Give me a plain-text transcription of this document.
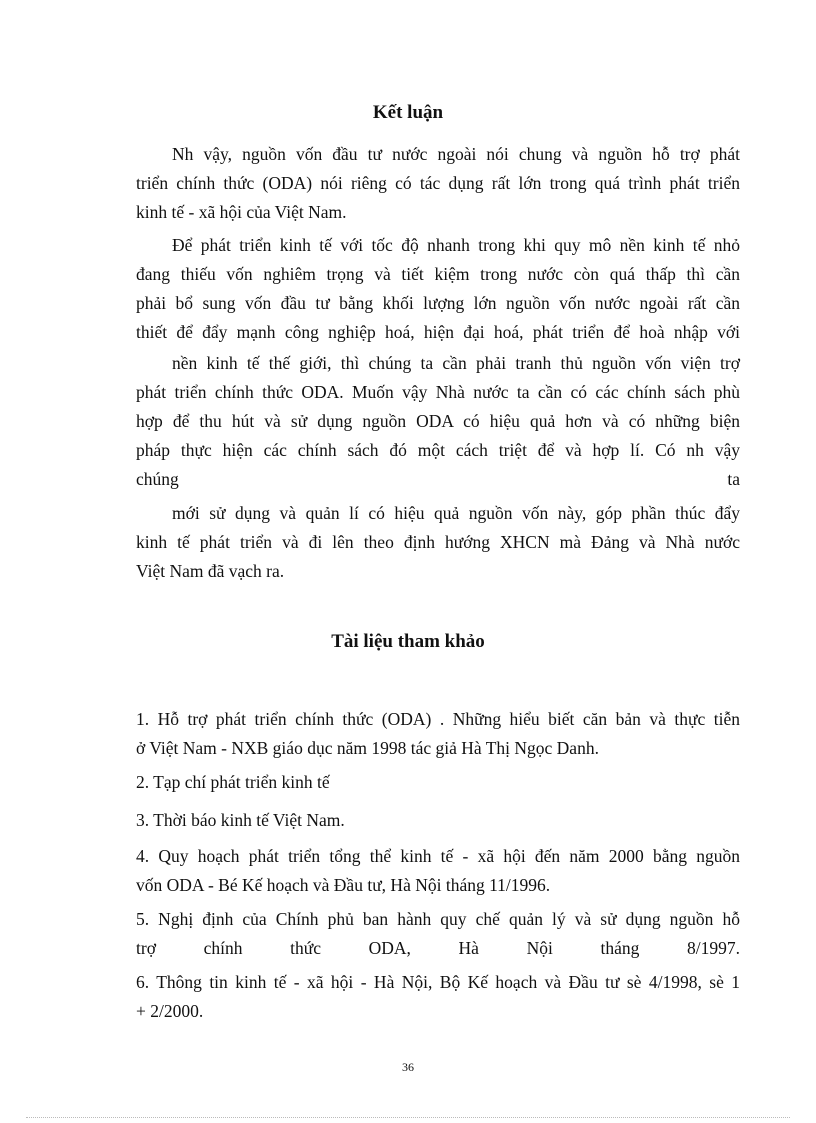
Kết luận
Nh vậy, nguồn vốn đầu tư nước ngoài nói chung và nguồn hỗ trợ phát
triển chính thức (ODA) nói riêng có tác dụng rất lớn trong quá trình phát triển
kinh tế - xã hội của Việt Nam.
Để phát triển kinh tế với tốc độ nhanh trong khi quy mô nền kinh tế nhỏ
đang thiếu vốn nghiêm trọng và tiết kiệm trong nước còn quá thấp thì cần
phải bổ sung vốn đầu tư bằng khối lượng lớn nguồn vốn nước ngoài rất cần
thiết để đẩy mạnh công nghiệp hoá, hiện đại hoá, phát triển để hoà nhập với
nền kinh tế thế giới, thì chúng ta cần phải tranh thủ nguồn vốn viện trợ
phát triển chính thức ODA. Muốn vậy Nhà nước ta cần có các chính sách phù
hợp để thu hút và sử dụng nguồn ODA có hiệu quả hơn và có những biện
pháp thực hiện các chính sách đó một cách triệt để và hợp lí. Có nh vậy
chúng ta
mới sử dụng và quản lí có hiệu quả nguồn vốn này, góp phần thúc đẩy
kinh tế phát triển và đi lên theo định hướng XHCN mà Đảng và Nhà nước
Việt Nam đã vạch ra.
Tài liệu tham khảo
1. Hỗ trợ phát triển chính thức (ODA) . Những hiểu biết căn bản và thực tiễn
ở Việt Nam - NXB giáo dục năm 1998 tác giả Hà Thị Ngọc Danh.
2. Tạp chí phát triển kinh tế
3. Thời báo kinh tế Việt Nam.
4. Quy hoạch phát triển tổng thể kinh tế - xã hội đến năm 2000 bằng nguồn
vốn ODA - Bé Kế hoạch và Đầu tư, Hà Nội tháng 11/1996.
5. Nghị định của Chính phủ ban hành quy chế quản lý và sử dụng nguồn hỗ
trợ chính thức ODA, Hà Nội tháng 8/1997.
6. Thông tin kinh tế - xã hội - Hà Nội, Bộ Kế hoạch và Đầu tư sè 4/1998, sè 1
+ 2/2000.
36
